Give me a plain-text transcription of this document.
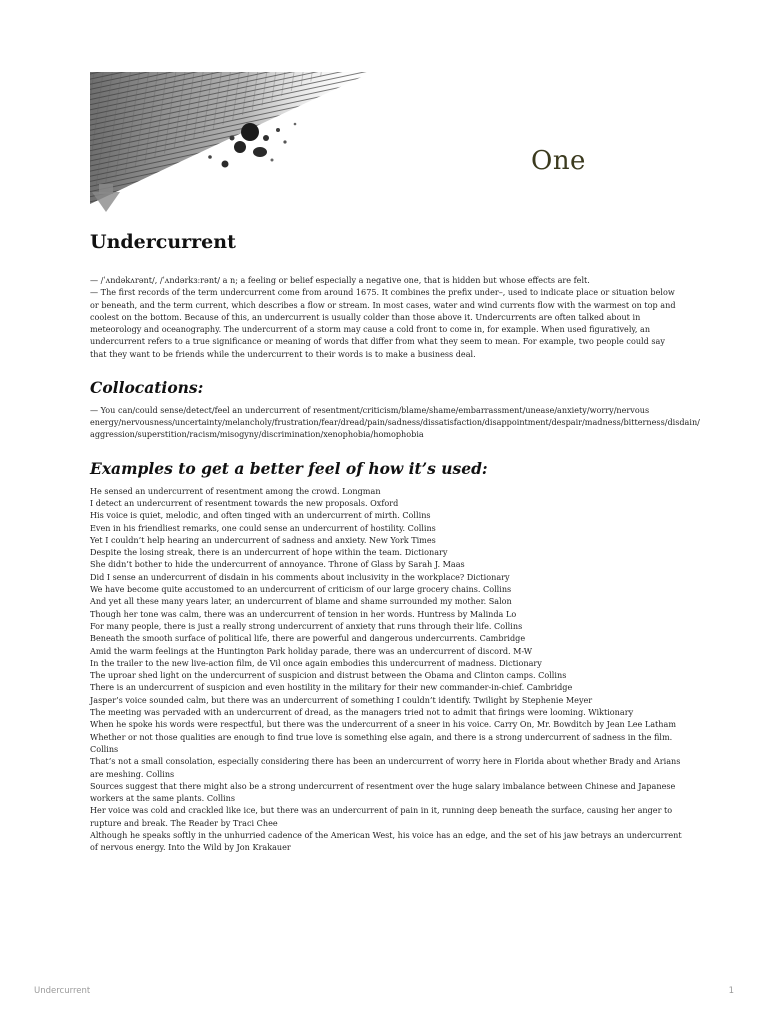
One
Undercurrent

— /ˈʌndəkʌrənt/, /ˈʌndərkɜːrənt/ a n; a feeling or belief especially a negative one, that is hidden but whose effects are felt.

— The first records of the term undercurrent come from around 1675. It combines the prefix under–, used to indicate place or situation below or beneath, and the term current, which describes a flow or stream. In most cases, water and wind currents flow with the warmest on top and coolest on the bottom. Because of this, an undercurrent is usually colder than those above it. Undercurrents are often talked about in meteorology and oceanography. The undercurrent of a storm may cause a cold front to come in, for example. When used figuratively, an undercurrent refers to a true significance or meaning of words that differ from what they seem to mean. For example, two people could say that they want to be friends while the undercurrent to their words is to make a business deal.

Collocations:

— You can/could sense/detect/feel an undercurrent of resentment/criticism/blame/shame/embarrassment/unease/anxiety/worry/nervous energy/nervousness/uncertainty/melancholy/frustration/fear/dread/pain/sadness/dissatisfaction/disappointment/despair/madness/bitterness/disdain/ aggression/superstition/racism/misogyny/discrimination/xenophobia/homophobia

Examples to get a better feel of how it’s used:
He sensed an undercurrent of resentment among the crowd. Longman
I detect an undercurrent of resentment towards the new proposals. Oxford
His voice is quiet, melodic, and often tinged with an undercurrent of mirth. Collins
Even in his friendliest remarks, one could sense an undercurrent of hostility. Collins
Yet I couldn’t help hearing an undercurrent of sadness and anxiety. New York Times
Despite the losing streak, there is an undercurrent of hope within the team. Dictionary
She didn’t bother to hide the undercurrent of annoyance. Throne of Glass by Sarah J. Maas
Did I sense an undercurrent of disdain in his comments about inclusivity in the workplace? Dictionary
We have become quite accustomed to an undercurrent of criticism of our large grocery chains. Collins
And yet all these many years later, an undercurrent of blame and shame surrounded my mother. Salon
Though her tone was calm, there was an undercurrent of tension in her words. Huntress by Malinda Lo
For many people, there is just a really strong undercurrent of anxiety that runs through their life. Collins
Beneath the smooth surface of political life, there are powerful and dangerous undercurrents. Cambridge
Amid the warm feelings at the Huntington Park holiday parade, there was an undercurrent of discord. M-W
In the trailer to the new live-action film, de Vil once again embodies this undercurrent of madness. Dictionary
The uproar shed light on the undercurrent of suspicion and distrust between the Obama and Clinton camps. Collins
There is an undercurrent of suspicion and even hostility in the military for their new commander-in-chief. Cambridge
Jasper’s voice sounded calm, but there was an undercurrent of something I couldn’t identify. Twilight by Stephenie Meyer
The meeting was pervaded with an undercurrent of dread, as the managers tried not to admit that firings were looming. Wiktionary
When he spoke his words were respectful, but there was the undercurrent of a sneer in his voice. Carry On, Mr. Bowditch by Jean Lee Latham
Whether or not those qualities are enough to find true love is something else again, and there is a strong undercurrent of sadness in the film. Collins
That’s not a small consolation, especially considering there has been an undercurrent of worry here in Florida about whether Brady and Arians are meshing. Collins
Sources suggest that there might also be a strong undercurrent of resentment over the huge salary imbalance between Chinese and Japanese workers at the same plants. Collins
Her voice was cold and crackled like ice, but there was an undercurrent of pain in it, running deep beneath the surface, causing her anger to rupture and break. The Reader by Traci Chee
Although he speaks softly in the unhurried cadence of the American West, his voice has an edge, and the set of his jaw betrays an undercurrent of nervous energy. Into the Wild by Jon Krakauer
Undercurrent	1
